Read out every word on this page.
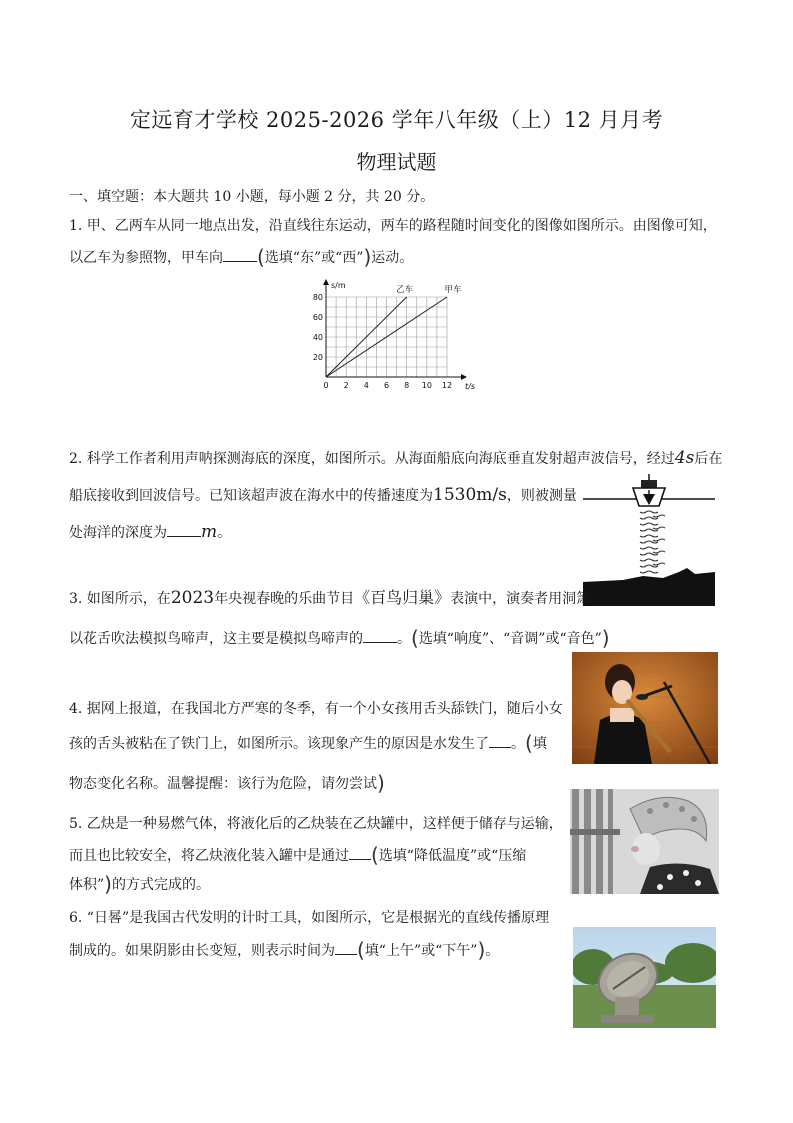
定远育才学校 2025-2026 学年八年级（上）12 月月考
物理试题
一、填空题：本大题共 10 小题，每小题 2 分，共 20 分。
1. 甲、乙两车从同一地点出发，沿直线往东运动，两车的路程随时间变化的图像如图所示。由图像可知，
以乙车为参照物，甲车向 (选填“东”或“西”)运动。
0 2 4 6 8 10 12
20
40
60
80
s/m
t/s
乙车	甲车
2. 科学工作者利用声呐探测海底的深度，如图所示。从海面船底向海底垂直发射超声波信号，经过4s后在
船底接收到回波信号。已知该超声波在海水中的传播速度为1530m/s，则被测量
处海洋的深度为 m。
3. 如图所示，在2023年央视春晚的乐曲节目《百鸟归巢》表演中，演奏者用洞箫
以花舌吹法模拟鸟啼声，这主要是模拟鸟啼声的 。(选填“响度”、“音调”或“音色”)
4. 据网上报道，在我国北方严寒的冬季，有一个小女孩用舌头舔铁门，随后小女
孩的舌头被粘在了铁门上，如图所示。该现象产生的原因是水发生了 。(填
物态变化名称。温馨提醒：该行为危险，请勿尝试)
5. 乙炔是一种易燃气体，将液化后的乙炔装在乙炔罐中，这样便于储存与运输，
而且也比较安全，将乙炔液化装入罐中是通过 (选填“降低温度”或“压缩
体积”)的方式完成的。
6. “日晷”是我国古代发明的计时工具，如图所示，它是根据光的直线传播原理
制成的。如果阴影由长变短，则表示时间为 (填“上午”或“下午”)。
